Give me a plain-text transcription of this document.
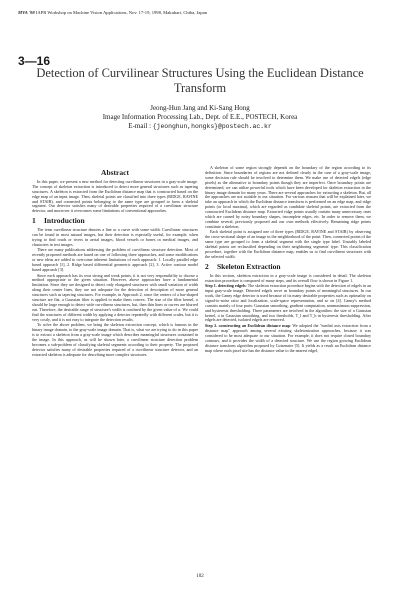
MVA '98 IAPR Workshop on Machine Vision Applications, Nov. 17-19, 1998, Makuhari, Chiba, Japan
3—16
Detection of Curvilinear Structures Using the Euclidean Distance
Transform
Jeong-Hun Jang and Ki-Sang Hong
Image Information Processing Lab., Dept. of E.E., POSTECH, Korea
E-mail : {jeonghun,hongks}@postech.ac.kr
Abstract

In this paper, we present a new method for detecting curvilinear structures in a gray-scale image. The concept of skeleton extraction is introduced to detect more general structures such as tapering structures. A skeleton is extracted from the Euclidean distance map that is constructed based on the edge map of an input image. Then, skeletal points are classified into three types (RIDGE, RAVINE and STAIR), and connected points belonging to the same type are grouped to form a skeletal segment. Our detector satisfies many of desirable properties required of a curvilinear structure detector, and moreover it overcomes some limitations of conventional approaches.

1 Introduction

The term curvilinear structure denotes a line or a curve with some width. Curvilinear structures can be found in most natural images, but their detection is especially useful, for example, when trying to find roads or rivers in aerial images, blood vessels or bones in medical images, and characters in text images.

There are many publications addressing the problem of curvilinear structure detection. Most of recently proposed methods are based on one of following three approaches, and some modifications or new ideas are added to overcome inherent limitations of each approach: 1. Locally parallel edge based approach [1], 2. Ridge based differential geometric approach [2], 3. Active contour model based approach [3].

Since each approach has its own strong and weak points, it is not very responsibility to choose a method appropriate to the given situation. However, above approaches have a fundamental limitation. Since they are designed to detect only elongated structures with small variation of width along their center lines, they are not adequate for the detection of description of more general structures such as tapering structures. For example, in Approach 2, since the centers of a bar-shaped structure are flat, a Gaussian filter is applied to make them convex. The size of the filter kernel, σ should be large enough to detect wide curvilinear structures, but, then thin lines or curves are blurred out. Therefore, the desirable range of structure's width is confined by the given value of σ. We could find the structures of different width by applying a detector repeatedly with different scales, but it is very costly, and it is not easy to integrate the detection results.

To solve the above problem, we bring the skeleton extraction concept, which is famous in the binary image domain, to the gray-scale image domain. That is, what we are trying to do in this paper is to extract a skeleton from a gray-scale image which describes meaningful structures contained in the image. In this approach, as will be shown later, a curvilinear structure detection problem becomes a sub-problem of classifying skeletal segments according to their property. The proposed detector satisfies many of desirable properties required of a curvilinear structure detector, and an extracted skeleton is adequate for describing more complex structures.

A skeleton of some region strongly depends on the boundary of the region according to its definition. Since boundaries of regions are not defined clearly in the case of a gray-scale image, some decision rule should be involved to determine them. We make use of detected edgels (edge pixels) as the alternative to boundary points though they are imperfect. Once boundary points are determined, we can utilize powerful tools which have been developed for skeleton extraction in the binary image domain for many years. There are several approaches for extracting a skeleton. But, all the approaches are not suitable to our situation. For various reasons that will be explained later, we take an approach in which the Euclidean distance transform is performed on an edge map, and ridge points (or local maxima), which are regarded as candidate skeletal points, are extracted from the constructed Euclidean distance map. Extracted ridge points usually contain many unnecessary ones which are caused by noisy boundary shapes, incomplete edges, etc. In order to remove them, we combine several, previously proposed and our own methods effectively. Remaining ridge points constitute a skeleton.

Each skeletal point is assigned one of three types (RIDGE, RAVINE and STAIR) by observing the cross-sectional shape of an image in the neighborhood of the point. Then, connected points of the same type are grouped to form a skeletal segment with the single type label. Unstably labeled skeletal points are reclassified depending on their neighboring segments' type. This classification procedure, together with the Euclidean distance map, enables us to find curvilinear structures with the selected width.

2 Skeleton Extraction

In this section, skeleton extraction in a gray-scale image is considered in detail. The skeleton extraction procedure is composed of many steps, and its overall flow is shown in Figure 1.

Step 1. detecting edgels: The skeleton extraction procedure begins with the detection of edgels in an input gray-scale image. Detected edgels serve as boundary points of meaningful structures. In our work, the Canny edge detector is used because of its many desirable properties such as optimality on signal-to-noise ratio and localization, scale-space representation, and so on [4]. Canny's method consists mainly of four parts: Gaussian smoothing, gradient computation, nonmaximum suppression, and hysteresis thresholding. Three parameters are involved in the algorithm: the size of a Gaussian kernel, σ in Gaussian smoothing, and two thresholds, T_l and T_h in hysteresis thresholding. After edgels are detected, isolated edgels are removed.

Step 2. constructing an Euclidean distance map: We adopted the "medial axis extraction from a distance map" approach among several existing skeletonization approaches, because it was considered to be most adequate to our situation. For example, it does not require closed boundary contours, and it provides the width of a detected structure. We use the region growing Euclidean distance transform algorithm proposed by Cuisenaire [5]. It yields as a result an Euclidean distance map where each pixel site has the distance value to the nearest edgel,

102
